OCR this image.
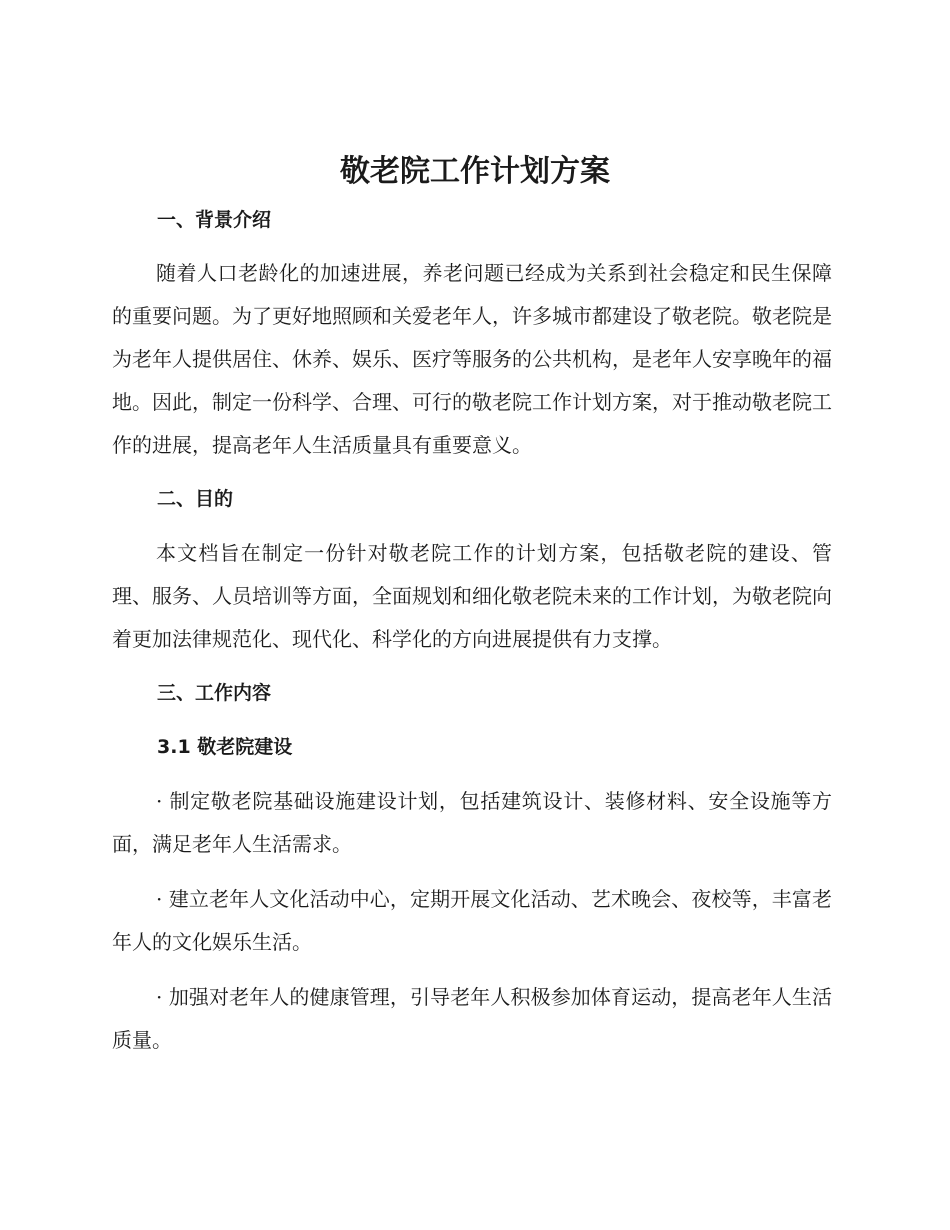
敬老院工作计划方案
一、背景介绍

随着人口老龄化的加速进展，养老问题已经成为关系到社会稳定和民生保障的重要问题。为了更好地照顾和关爱老年人，许多城市都建设了敬老院。敬老院是为老年人提供居住、休养、娱乐、医疗等服务的公共机构，是老年人安享晚年的福地。因此，制定一份科学、合理、可行的敬老院工作计划方案，对于推动敬老院工作的进展，提高老年人生活质量具有重要意义。

二、目的

本文档旨在制定一份针对敬老院工作的计划方案，包括敬老院的建设、管理、服务、人员培训等方面，全面规划和细化敬老院未来的工作计划，为敬老院向着更加法律规范化、现代化、科学化的方向进展提供有力支撑。

三、工作内容
3.1 敬老院建设

· 制定敬老院基础设施建设计划，包括建筑设计、装修材料、安全设施等方面，满足老年人生活需求。

· 建立老年人文化活动中心，定期开展文化活动、艺术晚会、夜校等，丰富老年人的文化娱乐生活。

· 加强对老年人的健康管理，引导老年人积极参加体育运动，提高老年人生活质量。
